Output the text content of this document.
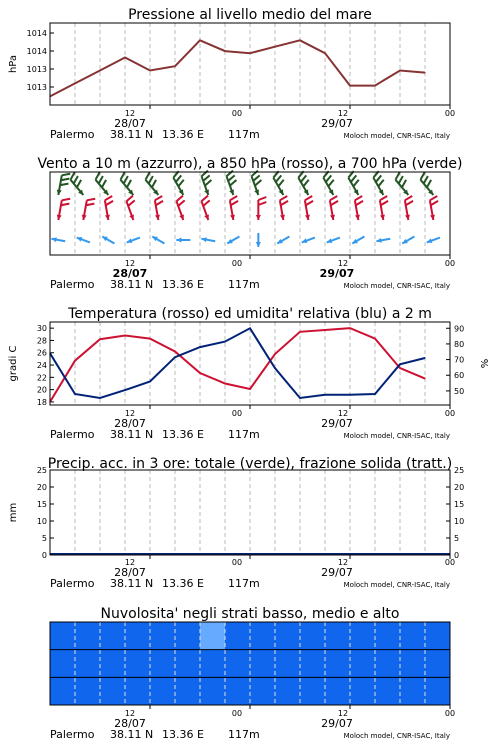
Pressione al livello medio del mare
1013
1013
1014
1014
hPa
12	00	12	00
28/07	29/07
Palermo 38.11 N 13.36 E 117m	Moloch model, CNR-ISAC, Italy
Vento a 10 m (azzurro), a 850 hPa (rosso), a 700 hPa (verde)
12	00	12	00
28/07	29/07
Palermo 38.11 N 13.36 E 117m	Moloch model, CNR-ISAC, Italy
Temperatura (rosso) ed umidita' relativa (blu) a 2 m
18
20
22
24
26
28
30
50
60
70
80
90
gradi C	%
12	00	12	00
28/07	29/07
Palermo 38.11 N 13.36 E 117m	Moloch model, CNR-ISAC, Italy
Precip. acc. in 3 ore: totale (verde), frazione solida (tratt.)
0	0
5	5
10	10
15	15
20	20
25	25
mm
12	00	12	00
28/07	29/07
Palermo 38.11 N 13.36 E 117m	Moloch model, CNR-ISAC, Italy
Nuvolosita' negli strati basso, medio e alto
12	00	12	00
28/07	29/07
Palermo 38.11 N 13.36 E 117m	Moloch model, CNR-ISAC, Italy
